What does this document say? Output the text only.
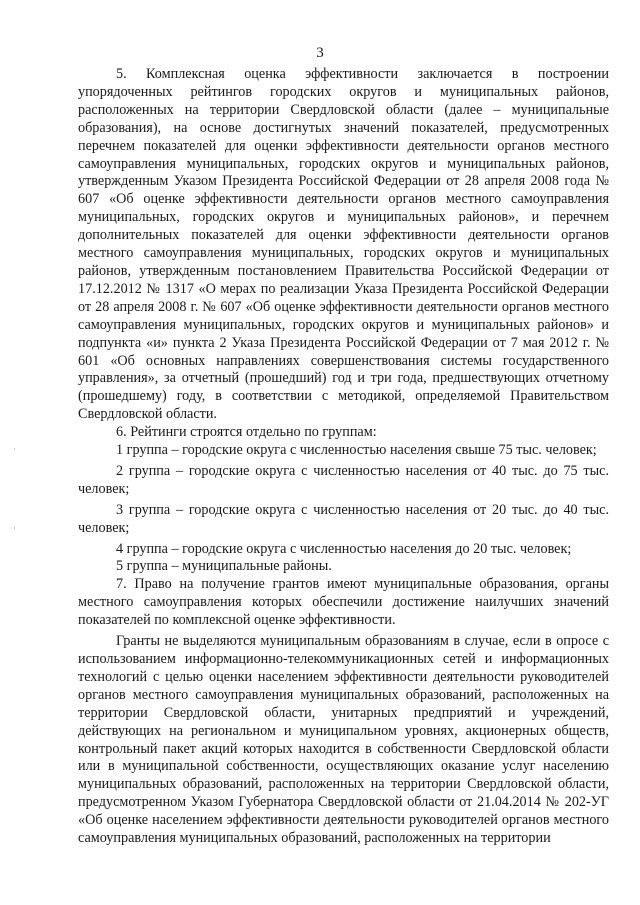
3

5. Комплексная оценка эффективности заключается в построении упорядоченных рейтингов городских округов и муниципальных районов, расположенных на территории Свердловской области (далее – муниципальные образования), на основе достигнутых значений показателей, предусмотренных перечнем показателей для оценки эффективности деятельности органов местного самоуправления муниципальных, городских округов и муниципальных районов, утвержденным Указом Президента Российской Федерации от 28 апреля 2008 года № 607 «Об оценке эффективности деятельности органов местного самоуправления муниципальных, городских округов и муниципальных районов», и перечнем дополнительных показателей для оценки эффективности деятельности органов местного самоуправления муниципальных, городских округов и муниципальных районов, утвержденным постановлением Правительства Российской Федерации от 17.12.2012 № 1317 «О мерах по реализации Указа Президента Российской Федерации от 28 апреля 2008 г. № 607 «Об оценке эффективности деятельности органов местного самоуправления муниципальных, городских округов и муниципальных районов» и подпункта «и» пункта 2 Указа Президента Российской Федерации от 7 мая 2012 г. № 601 «Об основных направлениях совершенствования системы государственного управления», за отчетный (прошедший) год и три года, предшествующих отчетному (прошедшему) году, в соответствии с методикой, определяемой Правительством Свердловской области.

6. Рейтинги строятся отдельно по группам:

1 группа – городские округа с численностью населения свыше 75 тыс. человек;

2 группа – городские округа с численностью населения от 40 тыс. до 75 тыс. человек;

3 группа – городские округа с численностью населения от 20 тыс. до 40 тыс. человек;

4 группа – городские округа с численностью населения до 20 тыс. человек;

5 группа – муниципальные районы.

7. Право на получение грантов имеют муниципальные образования, органы местного самоуправления которых обеспечили достижение наилучших значений показателей по комплексной оценке эффективности.

Гранты не выделяются муниципальным образованиям в случае, если в опросе с использованием информационно-телекоммуникационных сетей и информационных технологий с целью оценки населением эффективности деятельности руководителей органов местного самоуправления муниципальных образований, расположенных на территории Свердловской области, унитарных предприятий и учреждений, действующих на региональном и муниципальном уровнях, акционерных обществ, контрольный пакет акций которых находится в собственности Свердловской области или в муниципальной собственности, осуществляющих оказание услуг населению муниципальных образований, расположенных на территории Свердловской области, предусмотренном Указом Губернатора Свердловской области от 21.04.2014 № 202-УГ «Об оценке населением эффективности деятельности руководителей органов местного самоуправления муниципальных образований, расположенных на территории
